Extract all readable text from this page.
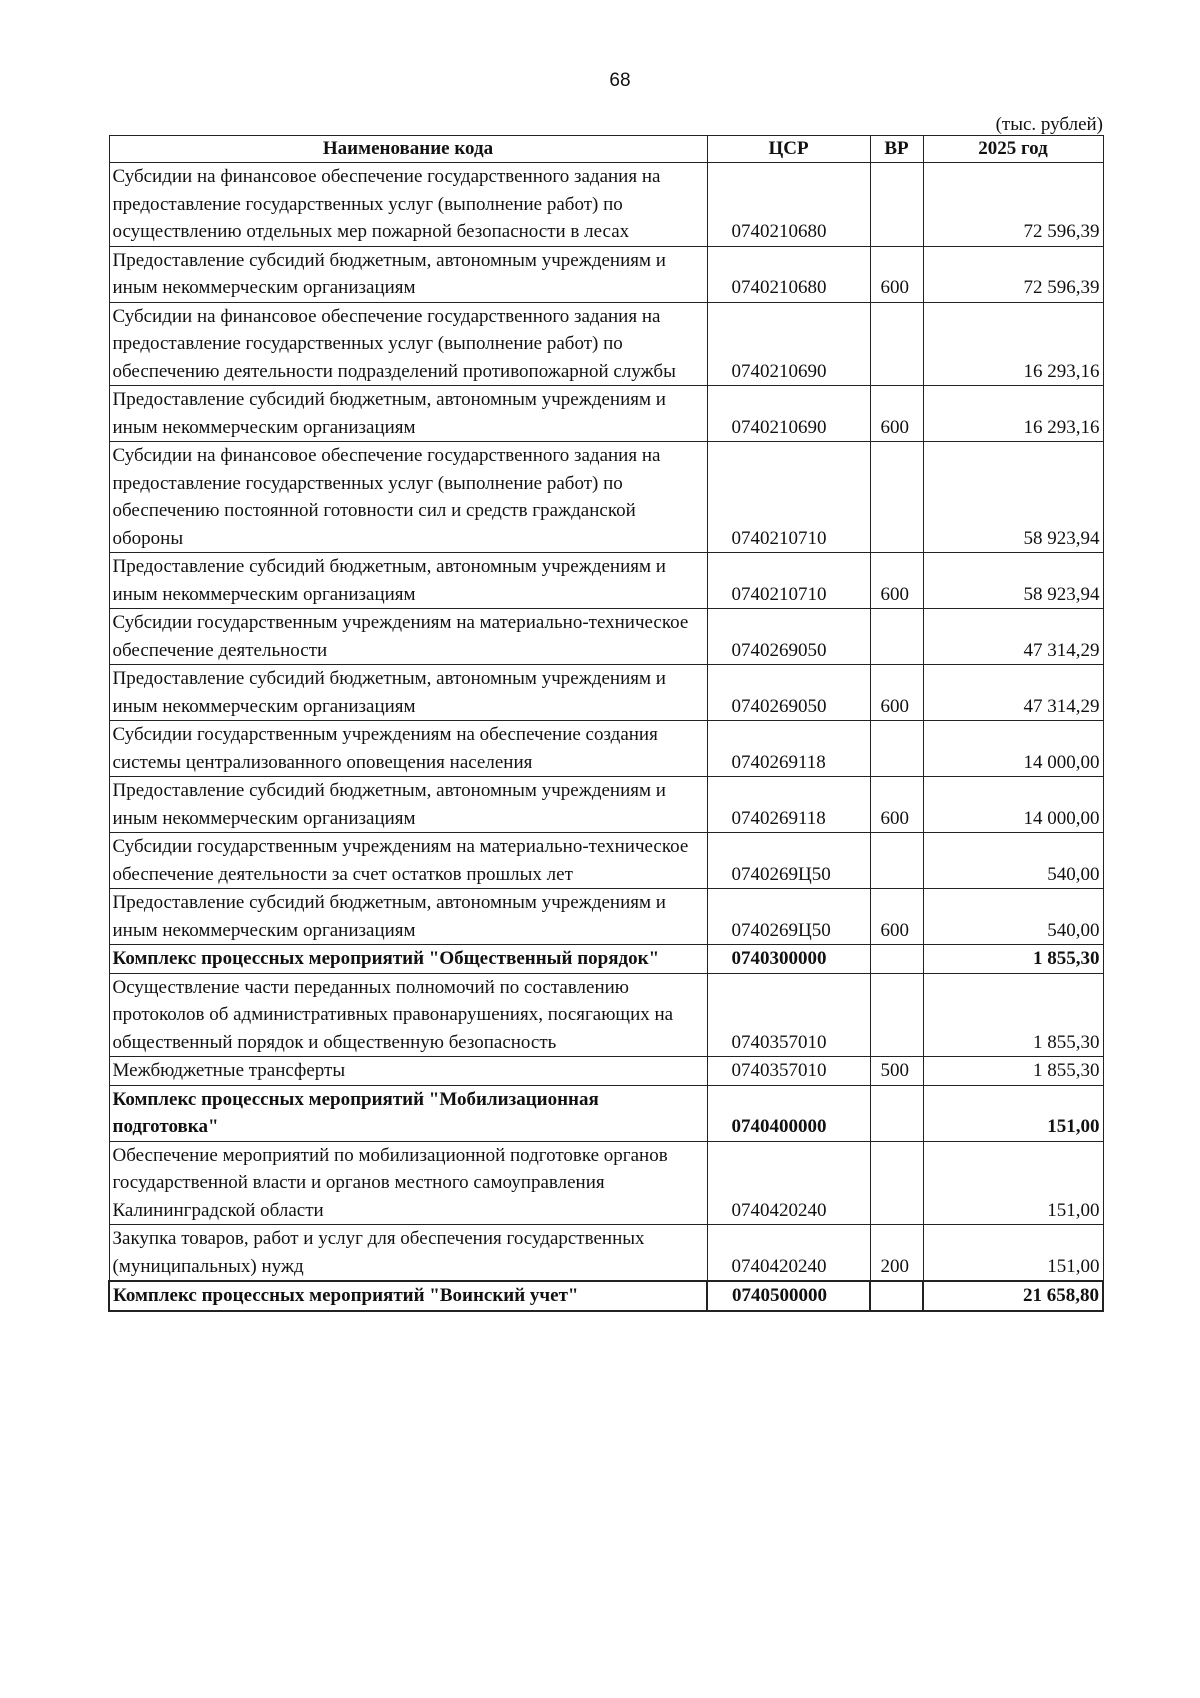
68
(тыс. рублей)
Наименование кода	ЦСР	ВР	2025 год
Субсидии на финансовое обеспечение государственного задания на предоставление государственных услуг (выполнение работ) по осуществлению отдельных мер пожарной безопасности в лесах	0740210680		72 596,39
Предоставление субсидий бюджетным, автономным учреждениям и иным некоммерческим организациям	0740210680	600	72 596,39
Субсидии на финансовое обеспечение государственного задания на предоставление государственных услуг (выполнение работ) по обеспечению деятельности подразделений противопожарной службы	0740210690		16 293,16
Предоставление субсидий бюджетным, автономным учреждениям и иным некоммерческим организациям	0740210690	600	16 293,16
Субсидии на финансовое обеспечение государственного задания на предоставление государственных услуг (выполнение работ) по обеспечению постоянной готовности сил и средств гражданской обороны	0740210710		58 923,94
Предоставление субсидий бюджетным, автономным учреждениям и иным некоммерческим организациям	0740210710	600	58 923,94
Субсидии государственным учреждениям на материально-техническое обеспечение деятельности	0740269050		47 314,29
Предоставление субсидий бюджетным, автономным учреждениям и иным некоммерческим организациям	0740269050	600	47 314,29
Субсидии государственным учреждениям на обеспечение создания системы централизованного оповещения населения	0740269118		14 000,00
Предоставление субсидий бюджетным, автономным учреждениям и иным некоммерческим организациям	0740269118	600	14 000,00
Субсидии государственным учреждениям на материально-техническое обеспечение деятельности за счет остатков прошлых лет	0740269Ц50		540,00
Предоставление субсидий бюджетным, автономным учреждениям и иным некоммерческим организациям	0740269Ц50	600	540,00
Комплекс процессных мероприятий "Общественный порядок"	0740300000		1 855,30
Осуществление части переданных полномочий по составлению протоколов об административных правонарушениях, посягающих на общественный порядок и общественную безопасность	0740357010		1 855,30
Межбюджетные трансферты	0740357010	500	1 855,30
Комплекс процессных мероприятий "Мобилизационная подготовка"	0740400000		151,00
Обеспечение мероприятий по мобилизационной подготовке органов государственной власти и органов местного самоуправления Калининградской области	0740420240		151,00
Закупка товаров, работ и услуг для обеспечения государственных (муниципальных) нужд	0740420240	200	151,00
Комплекс процессных мероприятий "Воинский учет"	0740500000		21 658,80
